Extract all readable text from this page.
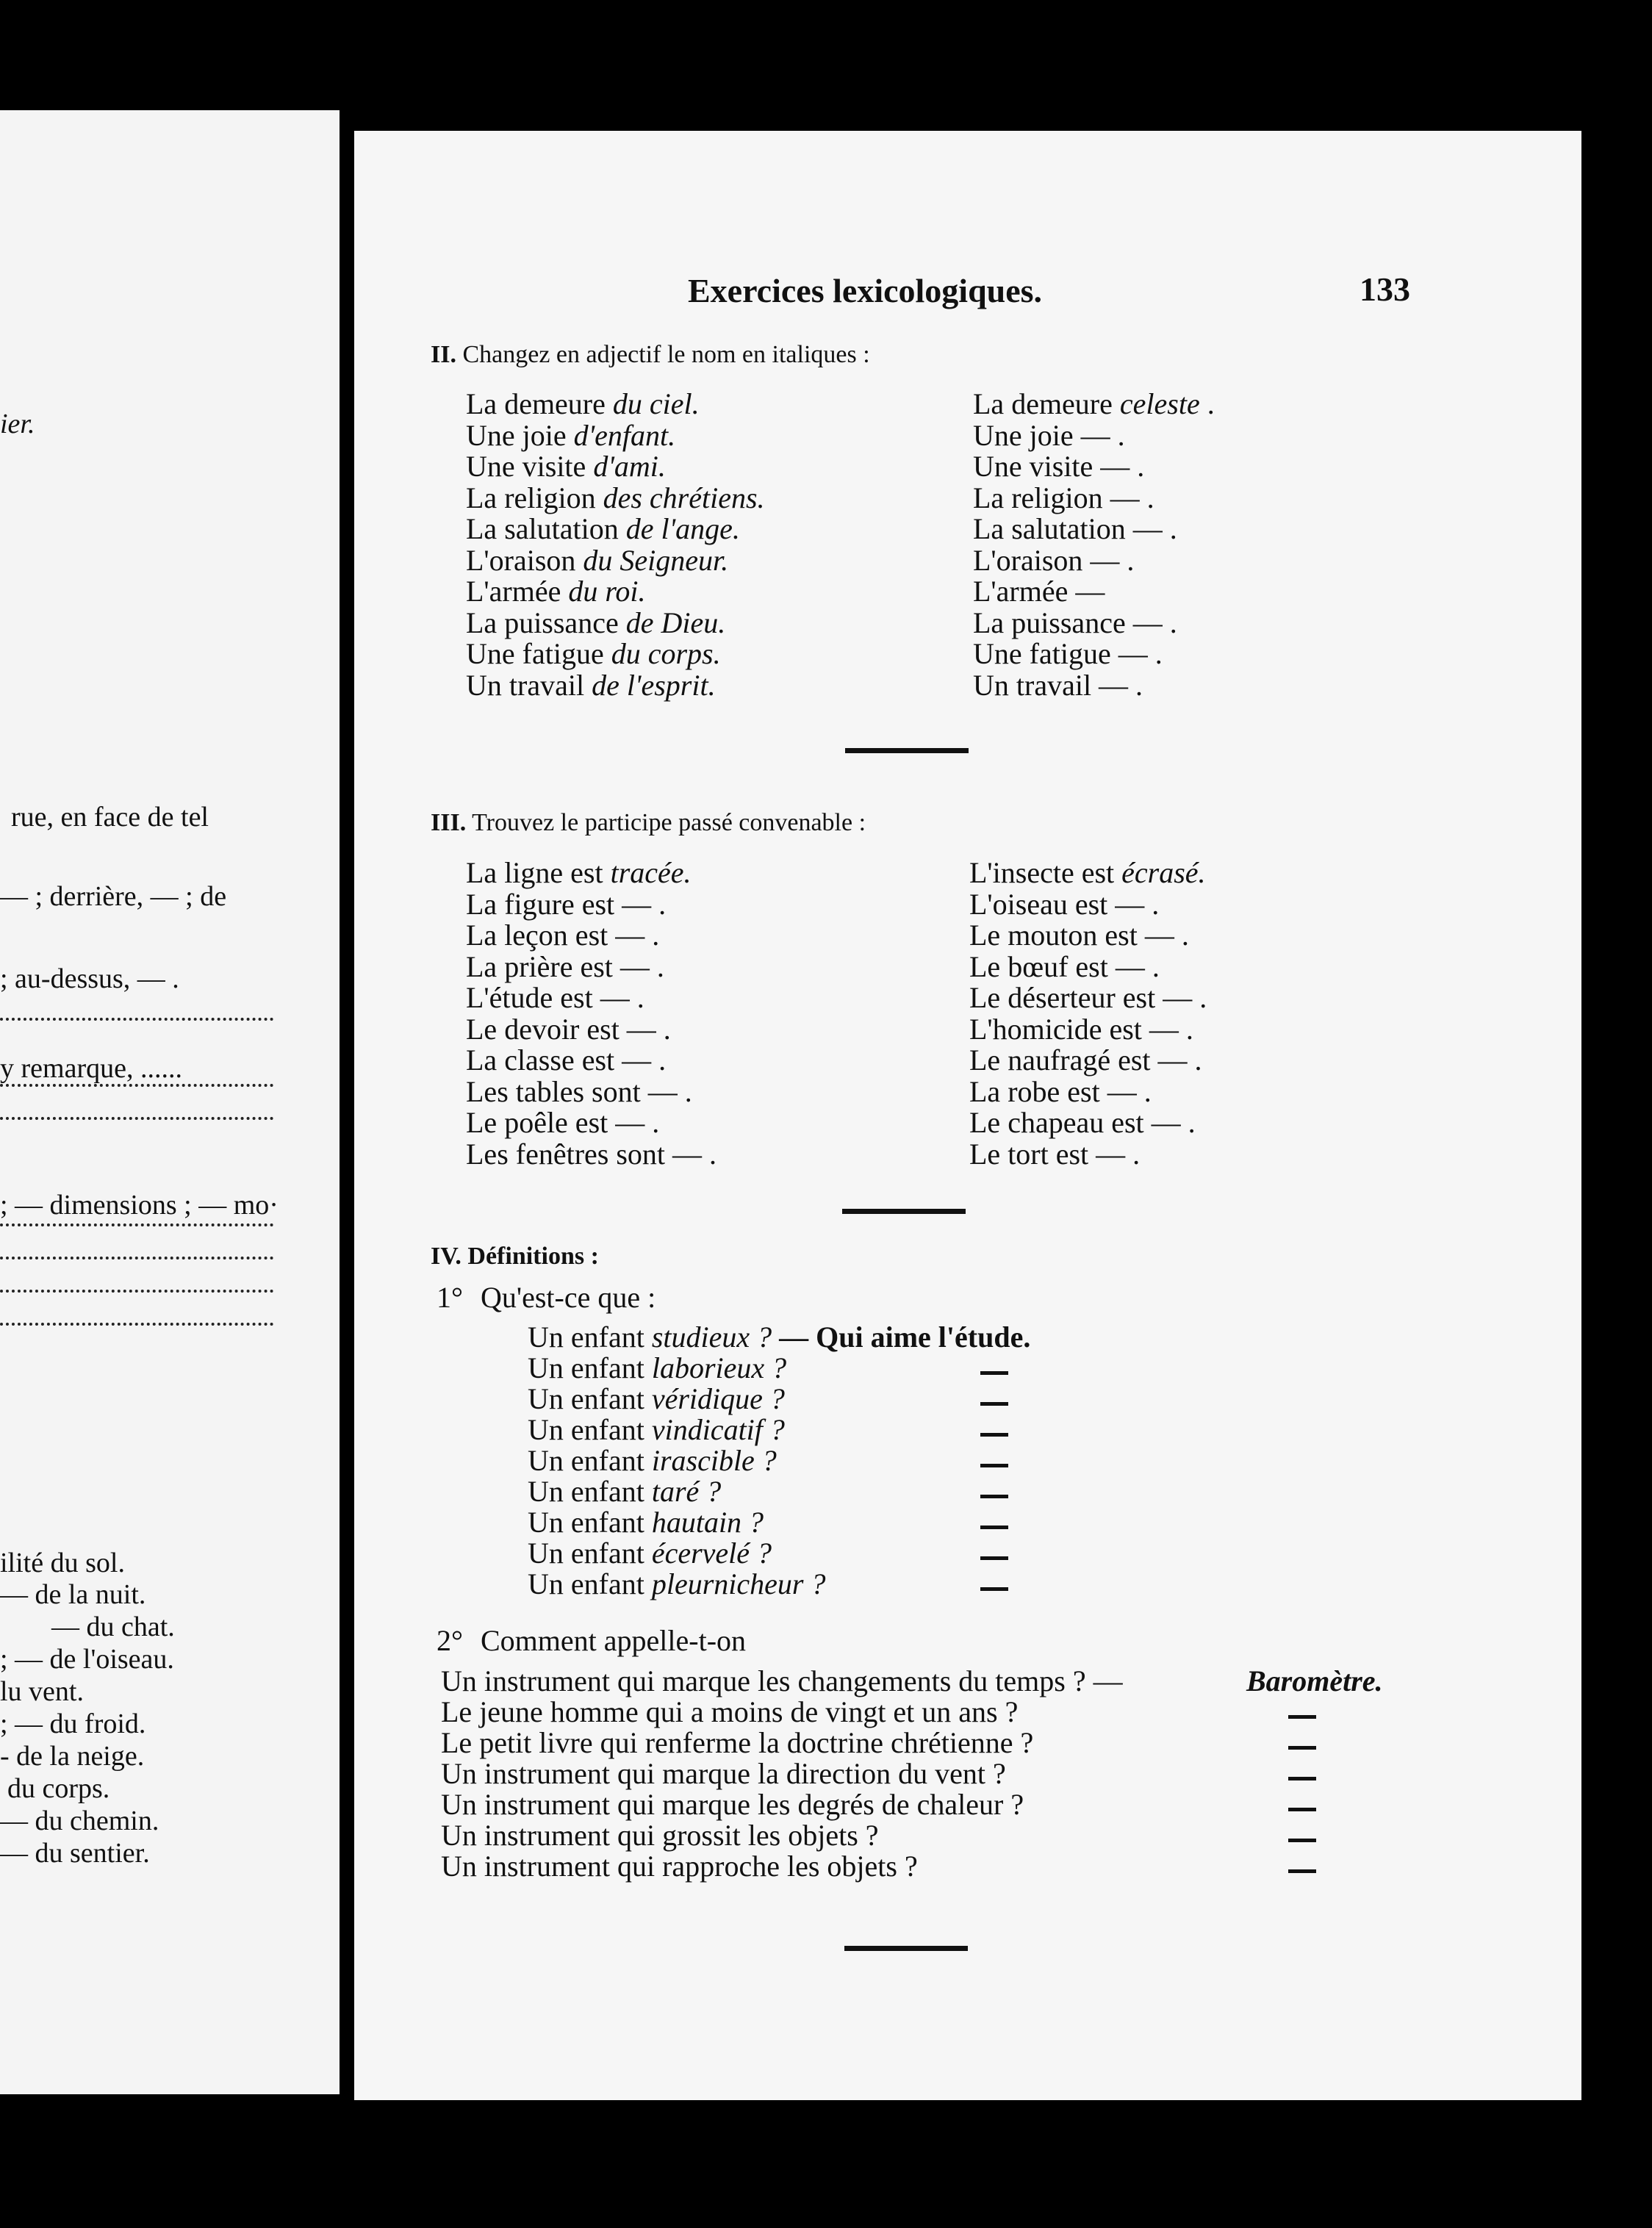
ier.
rue, en face de tel
— ; derrière, — ; de
; au-dessus, — .
y remarque, ......
; — dimensions ; — mo·
ilité du sol.
— de la nuit.
— du chat.
; — de l'oiseau.
lu vent.
; — du froid.
- de la neige.
du corps.
— du chemin.
— du sentier.
Exercices lexicologiques.	133
II. Changez en adjectif le nom en italiques :
III. Trouvez le participe passé convenable :
IV. Définitions :
1° Qu'est-ce que :
2° Comment appelle-t-on
La demeure du ciel.	La demeure celeste .
Une joie d'enfant.	Une joie — .
Une visite d'ami.	Une visite — .
La religion des chrétiens.	La religion — .
La salutation de l'ange.	La salutation — .
L'oraison du Seigneur.	L'oraison — .
L'armée du roi.	L'armée —
La puissance de Dieu.	La puissance — .
Une fatigue du corps.	Une fatigue — .
Un travail de l'esprit.	Un travail — .
La ligne est tracée.	L'insecte est écrasé.
La figure est — .	L'oiseau est — .
La leçon est — .	Le mouton est — .
La prière est — .	Le bœuf est — .
L'étude est — .	Le déserteur est — .
Le devoir est — .	L'homicide est — .
La classe est — .	Le naufragé est — .
Les tables sont — .	La robe est — .
Le poêle est — .	Le chapeau est — .
Les fenêtres sont — .	Le tort est — .
Un enfant studieux ? — Qui aime l'étude.
Un enfant laborieux ?
Un enfant véridique ?
Un enfant vindicatif ?
Un enfant irascible ?
Un enfant taré ?
Un enfant hautain ?
Un enfant écervelé ?
Un enfant pleurnicheur ?
Un instrument qui marque les changements du temps ? —	Baromètre.
Le jeune homme qui a moins de vingt et un ans ?
Le petit livre qui renferme la doctrine chrétienne ?
Un instrument qui marque la direction du vent ?
Un instrument qui marque les degrés de chaleur ?
Un instrument qui grossit les objets ?
Un instrument qui rapproche les objets ?
